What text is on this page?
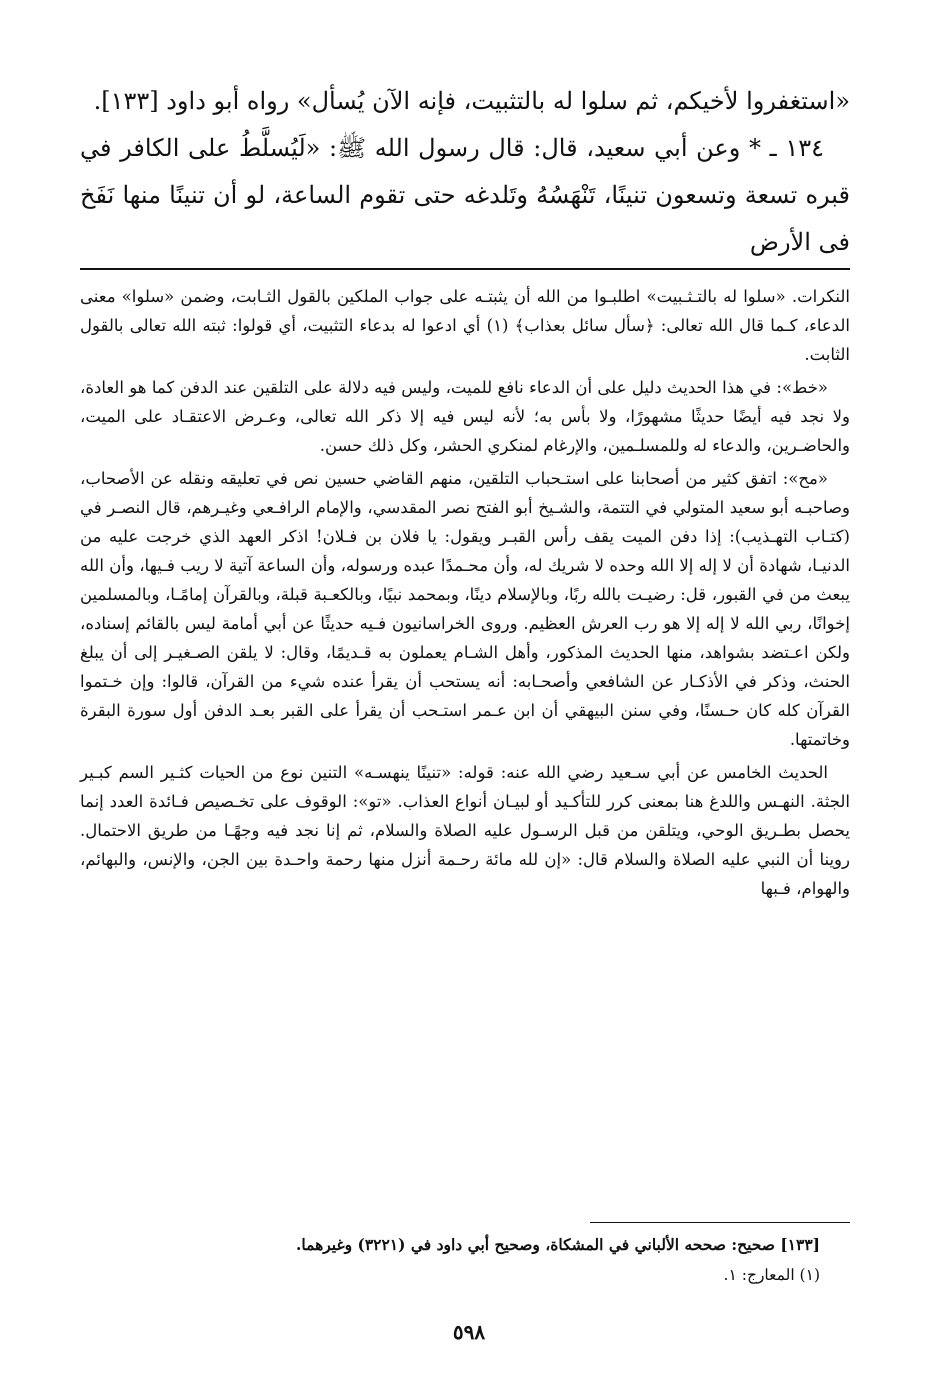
«استغفروا لأخيكم، ثم سلوا له بالتثبيت، فإنه الآن يُسأل» رواه أبو داود [١٣٣].

١٣٤ ـ * وعن أبي سعيد، قال: قال رسول الله ﷺ: «لَيُسلَّطُ على الكافر في قبره تسعة وتسعون تنينًا، تَنْهَسُهُ وتَلدغه حتى تقوم الساعة، لو أن تنينًا منها نَفَخ فى الأرض

النكرات. «سلوا له بالتـثـبيت» اطلبـوا من الله أن يثبتـه على جواب الملكين بالقول الثـابت، وضمن «سلوا» معنى الدعاء، كـما قال الله تعالى: ﴿سأل سائل بعذاب﴾ (١) أي ادعوا له بدعاء التثبيت، أي قولوا: ثبته الله تعالى بالقول الثابت.

«خط»: في هذا الحديث دليل على أن الدعاء نافع للميت، وليس فيه دلالة على التلقين عند الدفن كما هو العادة، ولا نجد فيه أيضًا حديثًا مشهورًا، ولا بأس به؛ لأنه ليس فيه إلا ذكر الله تعالى، وعـرض الاعتقـاد على الميت، والحاضـرين، والدعاء له وللمسلـمين، والإرغام لمنكري الحشر، وكل ذلك حسن.

«مح»: اتفق كثير من أصحابنا على استـحباب التلقين، منهم القاضي حسين نص في تعليقه ونقله عن الأصحاب، وصاحبـه أبو سعيد المتولي في التتمة، والشـيخ أبو الفتح نصر المقدسي، والإمام الرافـعي وغيـرهم، قال النصـر في (كتـاب التهـذيب): إذا دفن الميت يقف رأس القبـر ويقول: يا فلان بن فـلان! اذكر العهد الذي خرجت عليه من الدنيـا، شهادة أن لا إله إلا الله وحده لا شريك له، وأن محـمدًا عبده ورسوله، وأن الساعة آتية لا ريب فـيها، وأن الله يبعث من في القبور، قل: رضيـت بالله ربًا، وبالإسلام دينًا، وبمحمد نبيًا، وبالكعـبة قبلة، وبالقرآن إمامًـا، وبالمسلمين إخوانًا، ربي الله لا إله إلا هو رب العرش العظيم. وروى الخراسانيون فـيه حديثًا عن أبي أمامة ليس بالقائم إسناده، ولكن اعـتضد بشواهد، منها الحديث المذكور، وأهل الشـام يعملون به قـديمًا، وقال: لا يلقن الصـغيـر إلى أن يبلغ الحنث، وذكر في الأذكـار عن الشافعي وأصحـابه: أنه يستحب أن يقرأ عنده شيء من القرآن، قالوا: وإن خـتموا القرآن كله كان حـسنًا، وفي سنن البيهقي أن ابن عـمر استـحب أن يقرأ على القبر بعـد الدفن أول سورة البقرة وخاتمتها.

الحديث الخامس عن أبي سـعيد رضي الله عنه: قوله: «تنينًا ينهسـه» التنين نوع من الحيات كثـير السم كبـير الجثة. النهـس واللدغ هنا بمعنى كرر للتأكـيد أو لبيـان أنواع العذاب. «تو»: الوقوف على تخـصيص فـائدة العدد إنما يحصل بطـريق الوحي، ويتلقن من قبل الرسـول عليه الصلاة والسلام، ثم إنا نجد فيه وجهًـا من طريق الاحتمال. روينا أن النبي عليه الصلاة والسلام قال: «إن لله مائة رحـمة أنزل منها رحمة واحـدة بين الجن، والإنس، والبهائم، والهوام، فـبها

[١٣٣] صحيح: صححه الألباني في المشكاة، وصحيح أبي داود في (٣٢٢١) وغيرهما.

(١) المعارج: ١.

٥٩٨
